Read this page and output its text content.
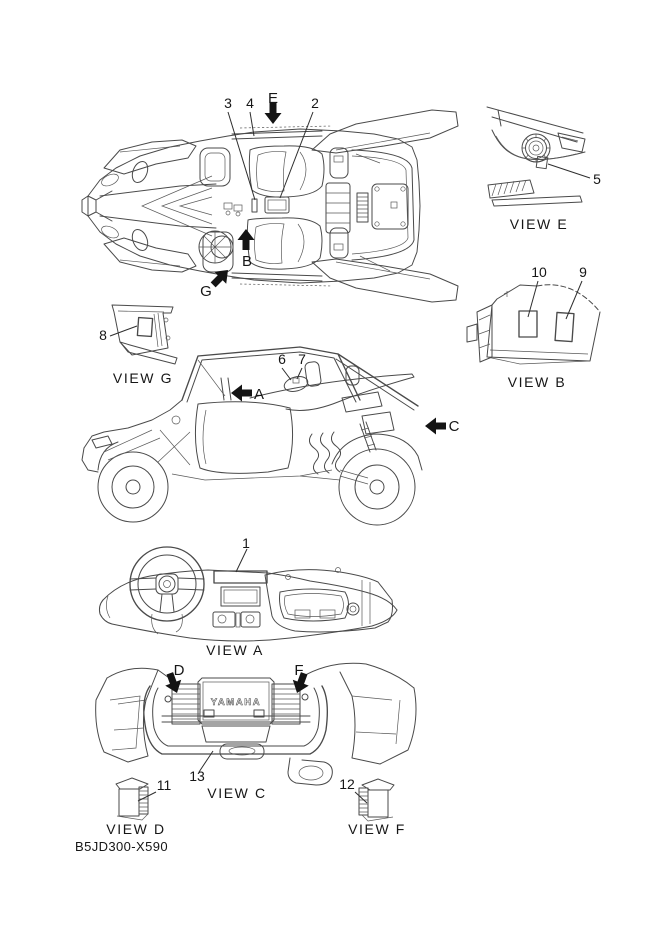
1
2
3 4
5
6 7
8
9
10
11	12
13
E
B
G
A
C
D	F
VIEW E
VIEW B
VIEW G
VIEW A
VIEW C
VIEW D	VIEW F
YAMAHA
B5JD300-X590
